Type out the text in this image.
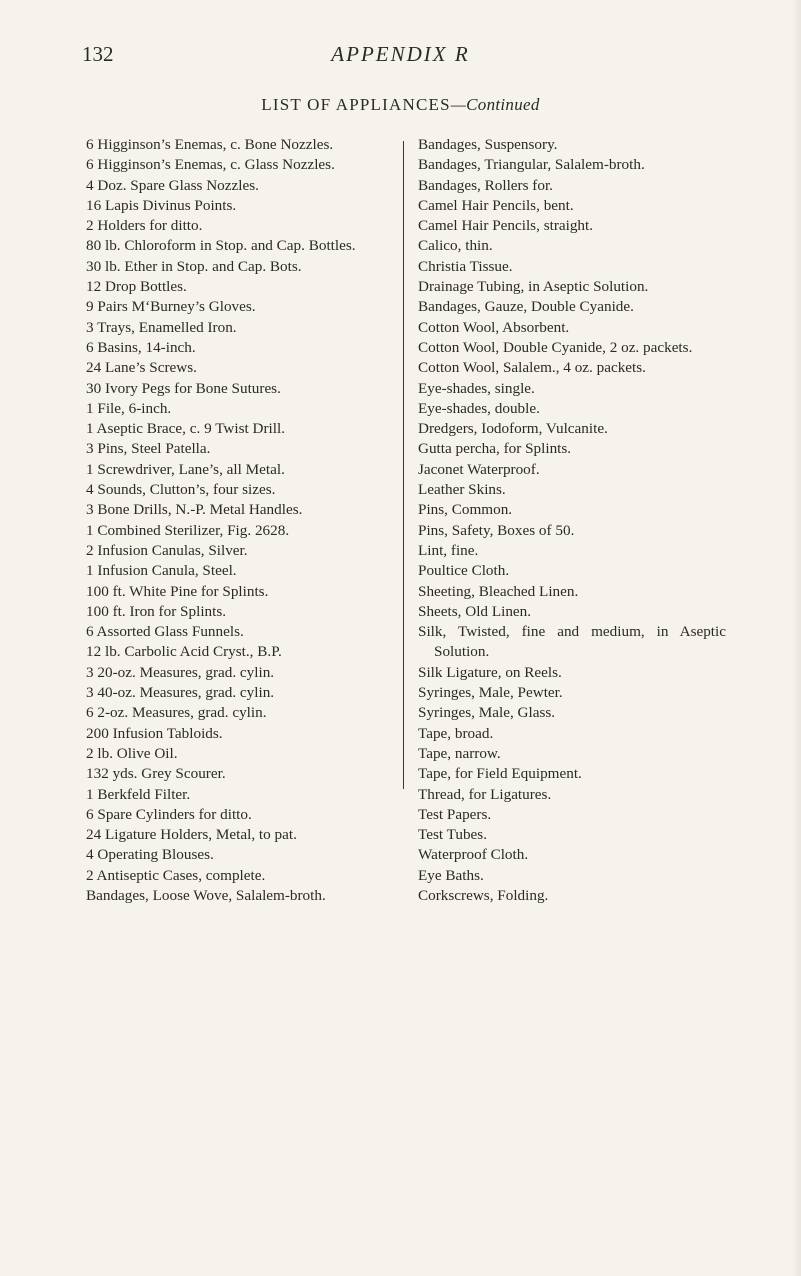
132	APPENDIX R
LIST OF APPLIANCES—Continued
6 Higginson’s Enemas, c. Bone Nozzles.
6 Higginson’s Enemas, c. Glass Nozzles.
4 Doz. Spare Glass Nozzles.
16 Lapis Divinus Points.
2 Holders for ditto.
80 lb. Chloroform in Stop. and Cap. Bottles.
30 lb. Ether in Stop. and Cap. Bots.
12 Drop Bottles.
9 Pairs M‘Burney’s Gloves.
3 Trays, Enamelled Iron.
6 Basins, 14-inch.
24 Lane’s Screws.
30 Ivory Pegs for Bone Sutures.
1 File, 6-inch.
1 Aseptic Brace, c. 9 Twist Drill.
3 Pins, Steel Patella.
1 Screwdriver, Lane’s, all Metal.
4 Sounds, Clutton’s, four sizes.
3 Bone Drills, N.-P. Metal Handles.
1 Combined Sterilizer, Fig. 2628.
2 Infusion Canulas, Silver.
1 Infusion Canula, Steel.
100 ft. White Pine for Splints.
100 ft. Iron for Splints.
6 Assorted Glass Funnels.
12 lb. Carbolic Acid Cryst., B.P.
3 20-oz. Measures, grad. cylin.
3 40-oz. Measures, grad. cylin.
6 2-oz. Measures, grad. cylin.
200 Infusion Tabloids.
2 lb. Olive Oil.
132 yds. Grey Scourer.
1 Berkfeld Filter.
6 Spare Cylinders for ditto.
24 Ligature Holders, Metal, to pat.
4 Operating Blouses.
2 Antiseptic Cases, complete.
Bandages, Loose Wove, Salalem-broth.
Bandages, Suspensory.
Bandages, Triangular, Salalem-broth.
Bandages, Rollers for.
Camel Hair Pencils, bent.
Camel Hair Pencils, straight.
Calico, thin.
Christia Tissue.
Drainage Tubing, in Aseptic Solution.
Bandages, Gauze, Double Cyanide.
Cotton Wool, Absorbent.
Cotton Wool, Double Cyanide, 2 oz. packets.
Cotton Wool, Salalem., 4 oz. packets.
Eye-shades, single.
Eye-shades, double.
Dredgers, Iodoform, Vulcanite.
Gutta percha, for Splints.
Jaconet Waterproof.
Leather Skins.
Pins, Common.
Pins, Safety, Boxes of 50.
Lint, fine.
Poultice Cloth.
Sheeting, Bleached Linen.
Sheets, Old Linen.
Silk, Twisted, fine and medium, in Aseptic Solution.
Silk Ligature, on Reels.
Syringes, Male, Pewter.
Syringes, Male, Glass.
Tape, broad.
Tape, narrow.
Tape, for Field Equipment.
Thread, for Ligatures.
Test Papers.
Test Tubes.
Waterproof Cloth.
Eye Baths.
Corkscrews, Folding.
